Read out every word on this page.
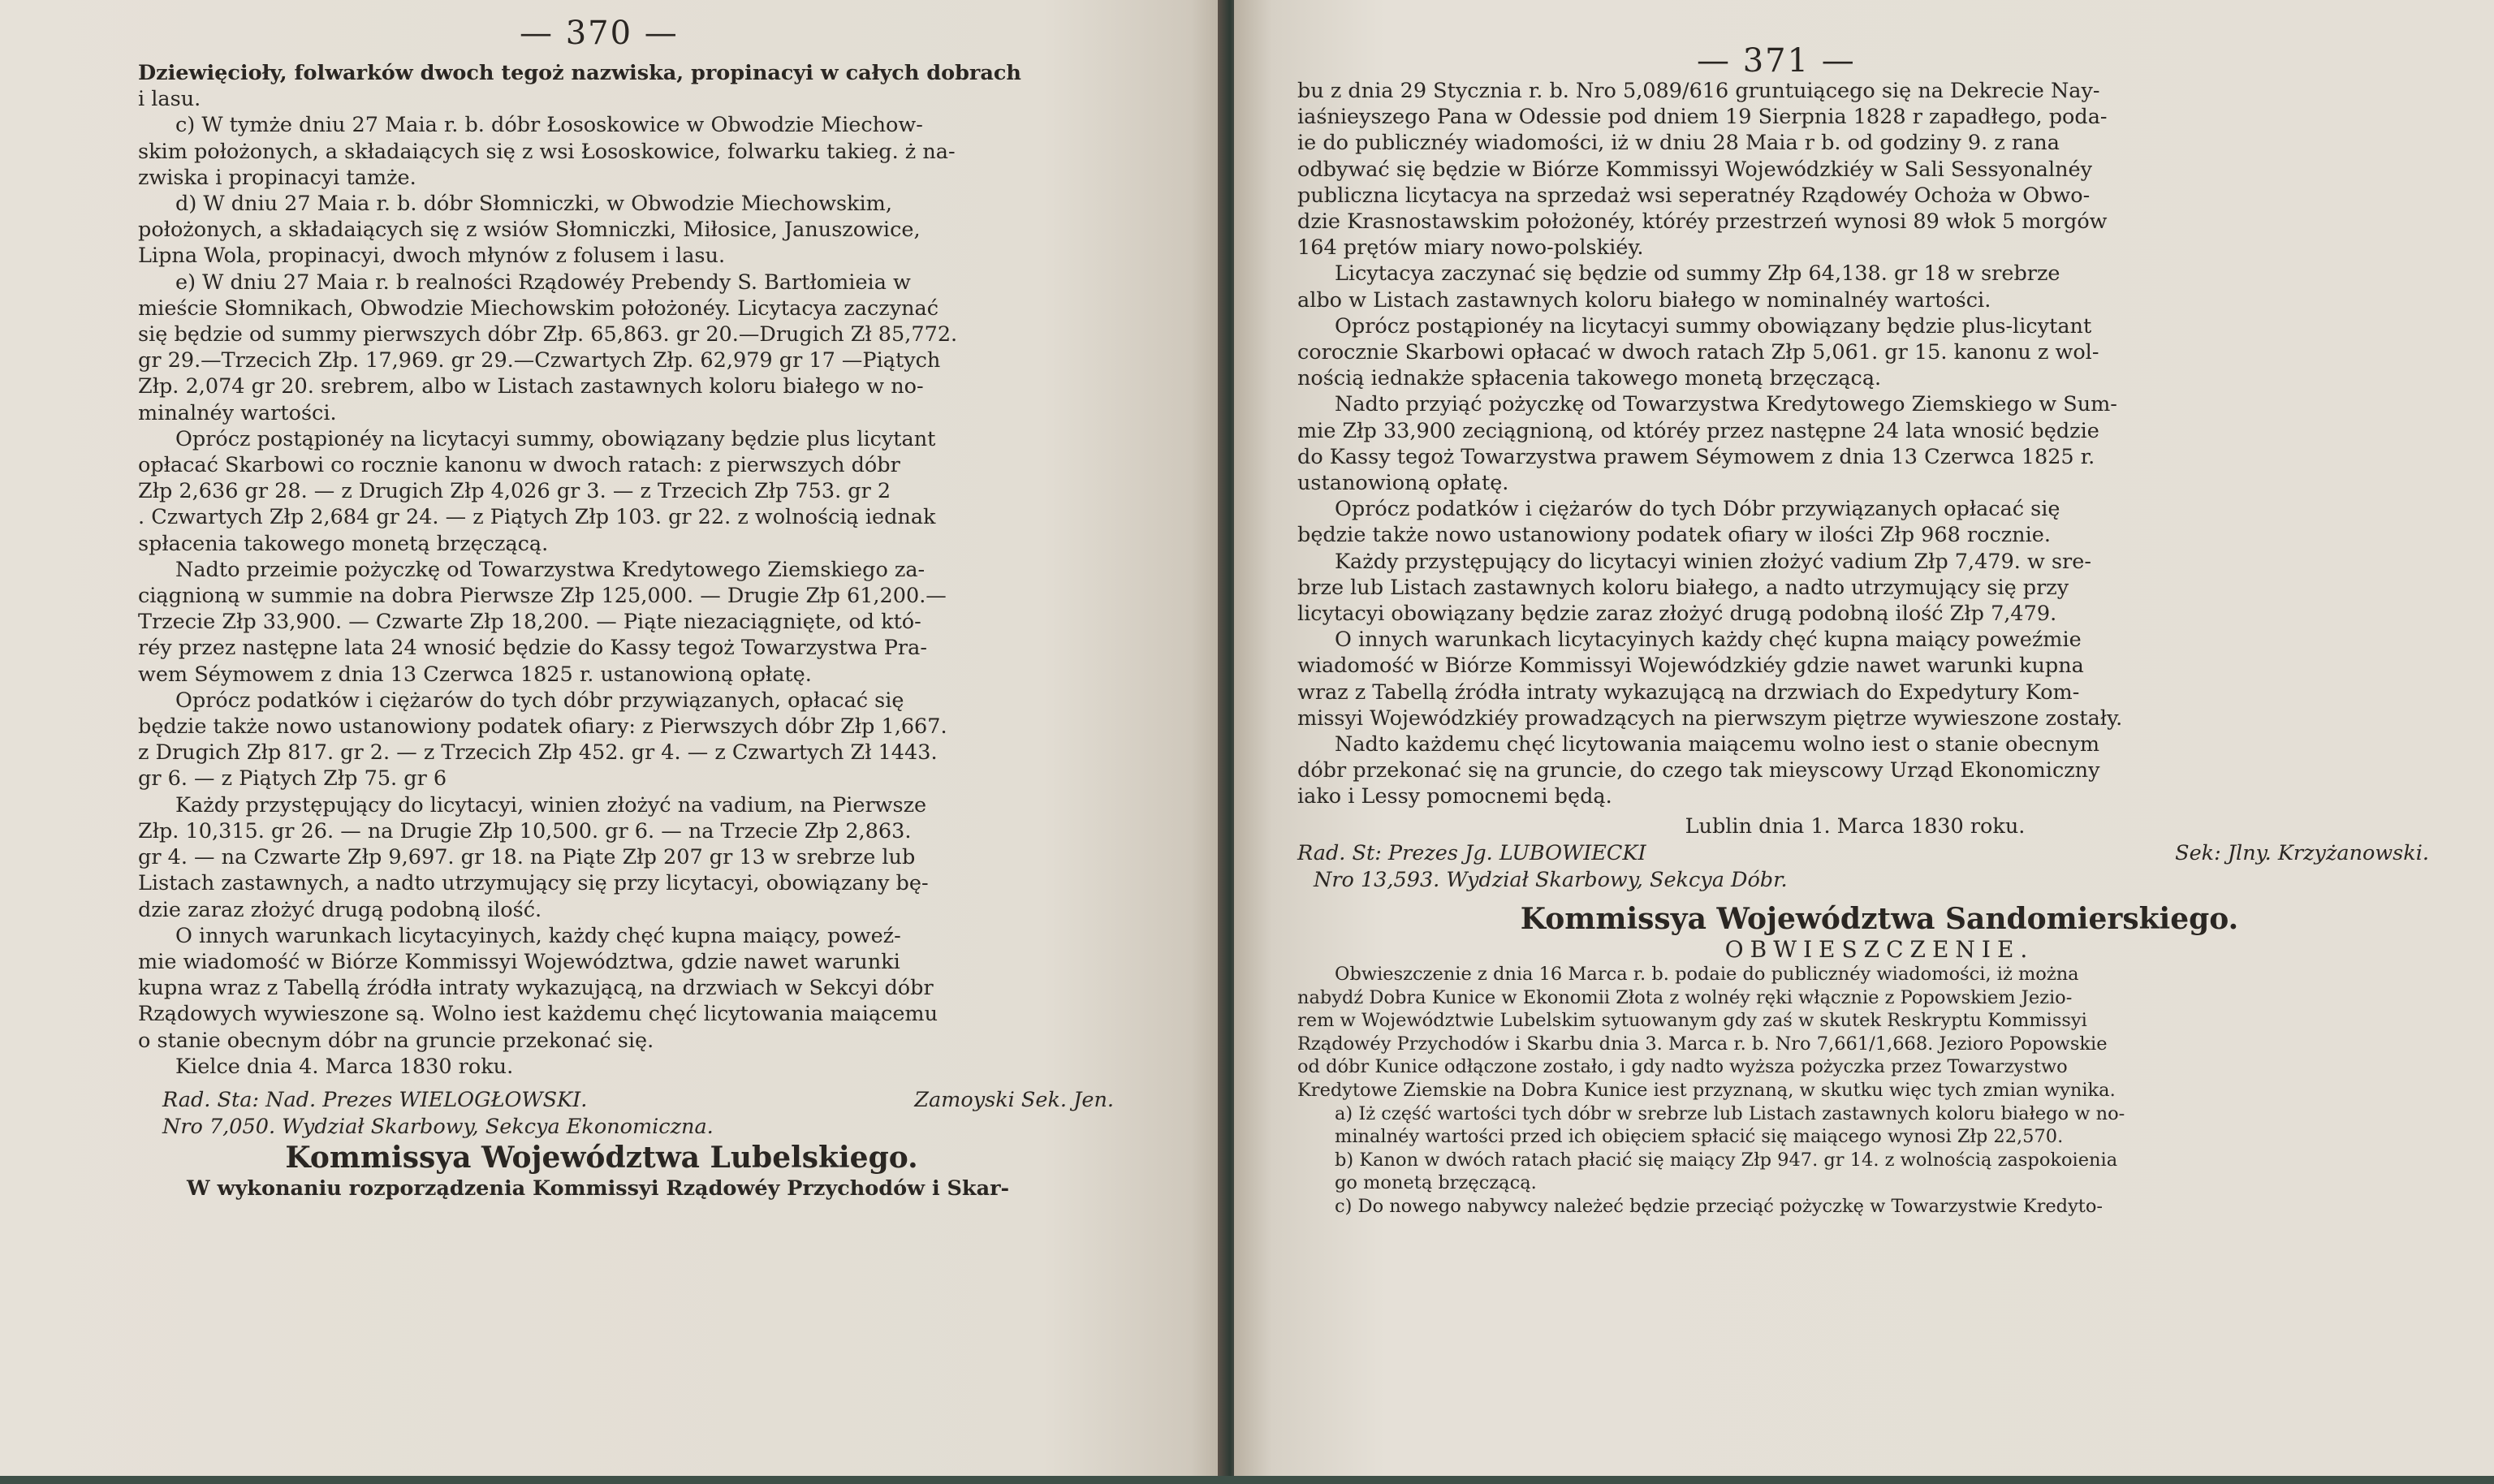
— 370 —
Dziewięcioły, folwarków dwoch tegoż nazwiska, propinacyi w całych dobrach
i lasu.
c) W tymże dniu 27 Maia r. b. dóbr Łososkowice w Obwodzie Miechow-
skim położonych, a składaiących się z wsi Łososkowice, folwarku takieg. ż na-
zwiska i propinacyi tamże.
d) W dniu 27 Maia r. b. dóbr Słomniczki, w Obwodzie Miechowskim,
położonych, a składaiących się z wsiów Słomniczki, Miłosice, Januszowice,
Lipna Wola, propinacyi, dwoch młynów z folusem i lasu.
e) W dniu 27 Maia r. b realności Rządowéy Prebendy S. Bartłomieia w
mieście Słomnikach, Obwodzie Miechowskim położonéy. Licytacya zaczynać
się będzie od summy pierwszych dóbr Złp. 65,863. gr 20.—Drugich Zł 85,772.
gr 29.—Trzecich Złp. 17,969. gr 29.—Czwartych Złp. 62,979 gr 17 —Piątych
Złp. 2,074 gr 20. srebrem, albo w Listach zastawnych koloru białego w no-
minalnéy wartości.
Oprócz postąpionéy na licytacyi summy, obowiązany będzie plus licytant
opłacać Skarbowi co rocznie kanonu w dwoch ratach: z pierwszych dóbr
Złp 2,636 gr 28. — z Drugich Złp 4,026 gr 3. — z Trzecich Złp 753. gr 2
. Czwartych Złp 2,684 gr 24. — z Piątych Złp 103. gr 22. z wolnością iednak
spłacenia takowego monetą brzęczącą.
Nadto przeimie pożyczkę od Towarzystwa Kredytowego Ziemskiego za-
ciągnioną w summie na dobra Pierwsze Złp 125,000. — Drugie Złp 61,200.—
Trzecie Złp 33,900. — Czwarte Złp 18,200. — Piąte niezaciągnięte, od któ-
réy przez następne lata 24 wnosić będzie do Kassy tegoż Towarzystwa Pra-
wem Séymowem z dnia 13 Czerwca 1825 r. ustanowioną opłatę.
Oprócz podatków i ciężarów do tych dóbr przywiązanych, opłacać się
będzie także nowo ustanowiony podatek ofiary: z Pierwszych dóbr Złp 1,667.
z Drugich Złp 817. gr 2. — z Trzecich Złp 452. gr 4. — z Czwartych Zł 1443.
gr 6. — z Piątych Złp 75. gr 6
Każdy przystępujący do licytacyi, winien złożyć na vadium, na Pierwsze
Złp. 10,315. gr 26. — na Drugie Złp 10,500. gr 6. — na Trzecie Złp 2,863.
gr 4. — na Czwarte Złp 9,697. gr 18. na Piąte Złp 207 gr 13 w srebrze lub
Listach zastawnych, a nadto utrzymujący się przy licytacyi, obowiązany bę-
dzie zaraz złożyć drugą podobną ilość.
O innych warunkach licytacyinych, każdy chęć kupna maiący, poweź-
mie wiadomość w Biórze Kommissyi Województwa, gdzie nawet warunki
kupna wraz z Tabellą źródła intraty wykazującą, na drzwiach w Sekcyi dóbr
Rządowych wywieszone są. Wolno iest każdemu chęć licytowania maiącemu
o stanie obecnym dóbr na gruncie przekonać się.
Kielce dnia 4. Marca 1830 roku.
Rad. Sta: Nad. Prezes WIELOGŁOWSKI.	Zamoyski Sek. Jen.
Nro 7,050. Wydział Skarbowy, Sekcya Ekonomiczna.
Kommissya Województwa Lubelskiego.
W wykonaniu rozporządzenia Kommissyi Rządowéy Przychodów i Skar-
— 371 —
bu z dnia 29 Stycznia r. b. Nro 5,089/616 gruntuiącego się na Dekrecie Nay-
iaśnieyszego Pana w Odessie pod dniem 19 Sierpnia 1828 r zapadłego, poda-
ie do publicznéy wiadomości, iż w dniu 28 Maia r b. od godziny 9. z rana
odbywać się będzie w Biórze Kommissyi Wojewódzkiéy w Sali Sessyonalnéy
publiczna licytacya na sprzedaż wsi seperatnéy Rządowéy Ochoża w Obwo-
dzie Krasnostawskim położonéy, któréy przestrzeń wynosi 89 włok 5 morgów
164 prętów miary nowo-polskiéy.
Licytacya zaczynać się będzie od summy Złp 64,138. gr 18 w srebrze
albo w Listach zastawnych koloru białego w nominalnéy wartości.
Oprócz postąpionéy na licytacyi summy obowiązany będzie plus-licytant
corocznie Skarbowi opłacać w dwoch ratach Złp 5,061. gr 15. kanonu z wol-
nością iednakże spłacenia takowego monetą brzęczącą.
Nadto przyiąć pożyczkę od Towarzystwa Kredytowego Ziemskiego w Sum-
mie Złp 33,900 zeciągnioną, od któréy przez następne 24 lata wnosić będzie
do Kassy tegoż Towarzystwa prawem Séymowem z dnia 13 Czerwca 1825 r.
ustanowioną opłatę.
Oprócz podatków i ciężarów do tych Dóbr przywiązanych opłacać się
będzie także nowo ustanowiony podatek ofiary w ilości Złp 968 rocznie.
Każdy przystępujący do licytacyi winien złożyć vadium Złp 7,479. w sre-
brze lub Listach zastawnych koloru białego, a nadto utrzymujący się przy
licytacyi obowiązany będzie zaraz złożyć drugą podobną ilość Złp 7,479.
O innych warunkach licytacyinych każdy chęć kupna maiący poweźmie
wiadomość w Biórze Kommissyi Wojewódzkiéy gdzie nawet warunki kupna
wraz z Tabellą źródła intraty wykazującą na drzwiach do Expedytury Kom-
missyi Wojewódzkiéy prowadzących na pierwszym piętrze wywieszone zostały.
Nadto każdemu chęć licytowania maiącemu wolno iest o stanie obecnym
dóbr przekonać się na gruncie, do czego tak mieyscowy Urząd Ekonomiczny
iako i Lessy pomocnemi będą.
Lublin dnia 1. Marca 1830 roku.
Rad. St: Prezes Jg. LUBOWIECKI	Sek: Jlny. Krzyżanowski.
Nro 13,593. Wydział Skarbowy, Sekcya Dóbr.
Kommissya Województwa Sandomierskiego.
OBWIESZCZENIE.
Obwieszczenie z dnia 16 Marca r. b. podaie do publicznéy wiadomości, iż można
nabydź Dobra Kunice w Ekonomii Złota z wolnéy ręki włącznie z Popowskiem Jezio-
rem w Województwie Lubelskim sytuowanym gdy zaś w skutek Reskryptu Kommissyi
Rządowéy Przychodów i Skarbu dnia 3. Marca r. b. Nro 7,661/1,668. Jezioro Popowskie
od dóbr Kunice odłączone zostało, i gdy nadto wyższa pożyczka przez Towarzystwo
Kredytowe Ziemskie na Dobra Kunice iest przyznaną, w skutku więc tych zmian wynika.
a) Iż część wartości tych dóbr w srebrze lub Listach zastawnych koloru białego w no-
minalnéy wartości przed ich obięciem spłacić się maiącego wynosi Złp 22,570.
b) Kanon w dwóch ratach płacić się maiący Złp 947. gr 14. z wolnością zaspokoienia
go monetą brzęczącą.
c) Do nowego nabywcy należeć będzie przeciąć pożyczkę w Towarzystwie Kredyto-
